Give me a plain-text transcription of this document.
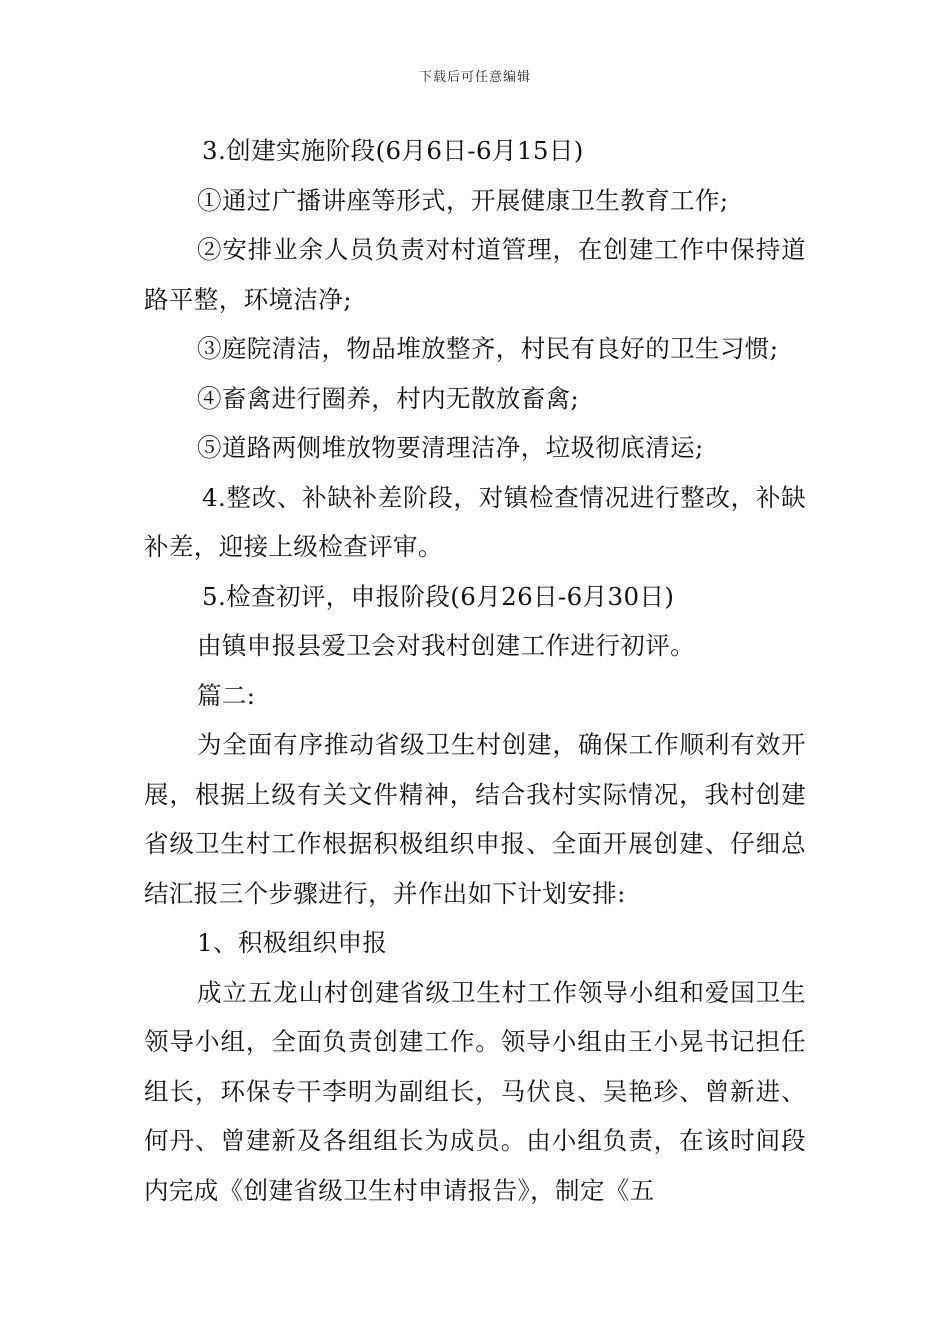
下载后可任意编辑

3.创建实施阶段(6月6日-6月15日)

①通过广播讲座等形式，开展健康卫生教育工作;

②安排业余人员负责对村道管理，在创建工作中保持道路平整，环境洁净;

③庭院清洁，物品堆放整齐，村民有良好的卫生习惯;

④畜禽进行圈养，村内无散放畜禽;

⑤道路两侧堆放物要清理洁净，垃圾彻底清运;

4.整改、补缺补差阶段，对镇检查情况进行整改，补缺补差，迎接上级检查评审。

5.检查初评，申报阶段(6月26日-6月30日)

由镇申报县爱卫会对我村创建工作进行初评。

篇二:

为全面有序推动省级卫生村创建，确保工作顺利有效开展，根据上级有关文件精神，结合我村实际情况，我村创建省级卫生村工作根据积极组织申报、全面开展创建、仔细总结汇报三个步骤进行，并作出如下计划安排:

1、积极组织申报

成立五龙山村创建省级卫生村工作领导小组和爱国卫生领导小组，全面负责创建工作。领导小组由王小晃书记担任组长，环保专干李明为副组长，马伏良、吴艳珍、曾新进、何丹、曾建新及各组组长为成员。由小组负责，在该时间段内完成《创建省级卫生村申请报告》，制定《五
